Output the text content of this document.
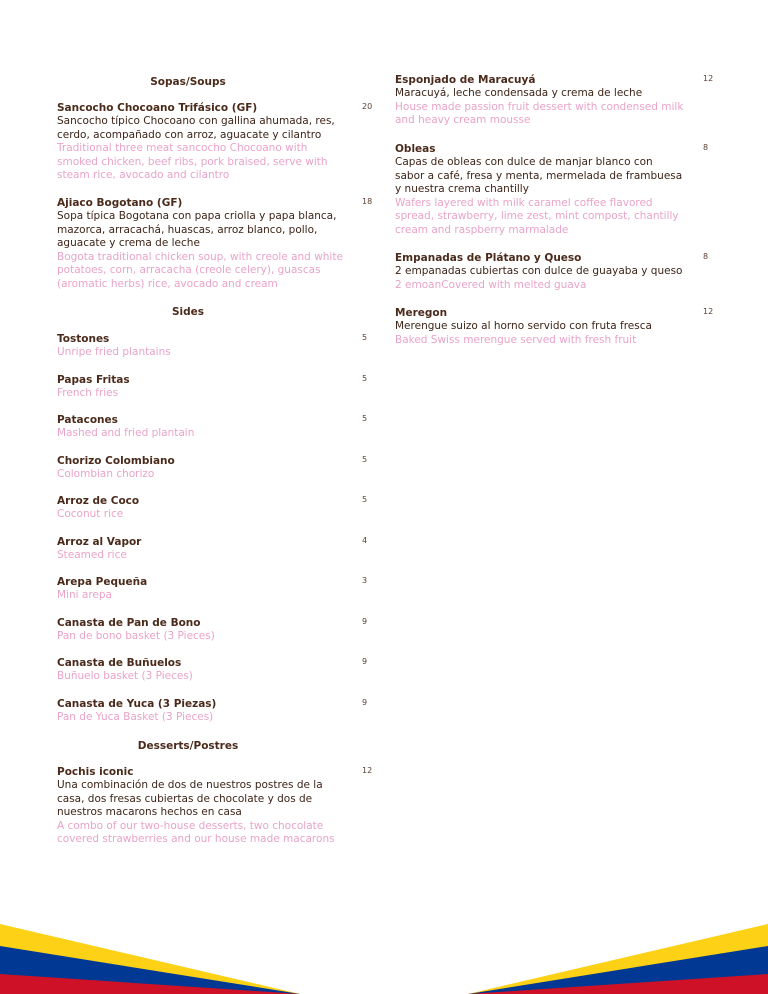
Sopas/Soups
Sancocho Chocoano Trifásico (GF)	20
Sancocho típico Chocoano con gallina ahumada, res, cerdo, acompañado con arroz, aguacate y cilantro
Traditional three meat sancocho Chocoano with smoked chicken, beef ribs, pork braised, serve with steam rice, avocado and cilantro
Ajiaco Bogotano (GF)	18
Sopa típica Bogotana con papa criolla y papa blanca, mazorca, arracachá, huascas, arroz blanco, pollo, aguacate y crema de leche
Bogota traditional chicken soup, with creole and white potatoes, corn, arracacha (creole celery), guascas (aromatic herbs) rice, avocado and cream
Sides
Tostones	5
Unripe fried plantains
Papas Fritas	5
French fries
Patacones	5
Mashed and fried plantain
Chorizo Colombiano	5
Colombian chorizo
Arroz de Coco	5
Coconut rice
Arroz al Vapor	4
Steamed rice
Arepa Pequeña	3
Mini arepa
Canasta de Pan de Bono	9
Pan de bono basket (3 Pieces)
Canasta de Buñuelos	9
Buñuelo basket (3 Pieces)
Canasta de Yuca (3 Piezas)	9
Pan de Yuca Basket (3 Pieces)
Desserts/Postres
Pochis iconic	12
Una combinación de dos de nuestros postres de la casa, dos fresas cubiertas de chocolate y dos de nuestros macarons hechos en casa
A combo of our two-house desserts, two chocolate covered strawberries and our house made macarons
Esponjado de Maracuyá	12
Maracuyá, leche condensada y crema de leche
House made passion fruit dessert with condensed milk and heavy cream mousse
Obleas	8
Capas de obleas con dulce de manjar blanco con sabor a café, fresa y menta, mermelada de frambuesa y nuestra crema chantilly
Wafers layered with milk caramel coffee flavored spread, strawberry, lime zest, mint compost, chantilly cream and raspberry marmalade
Empanadas de Plátano y Queso	8
2 empanadas cubiertas con dulce de guayaba y queso
2 emoanCovered with melted guava
Meregon	12
Merengue suizo al horno servido con fruta fresca
Baked Swiss merengue served with fresh fruit
